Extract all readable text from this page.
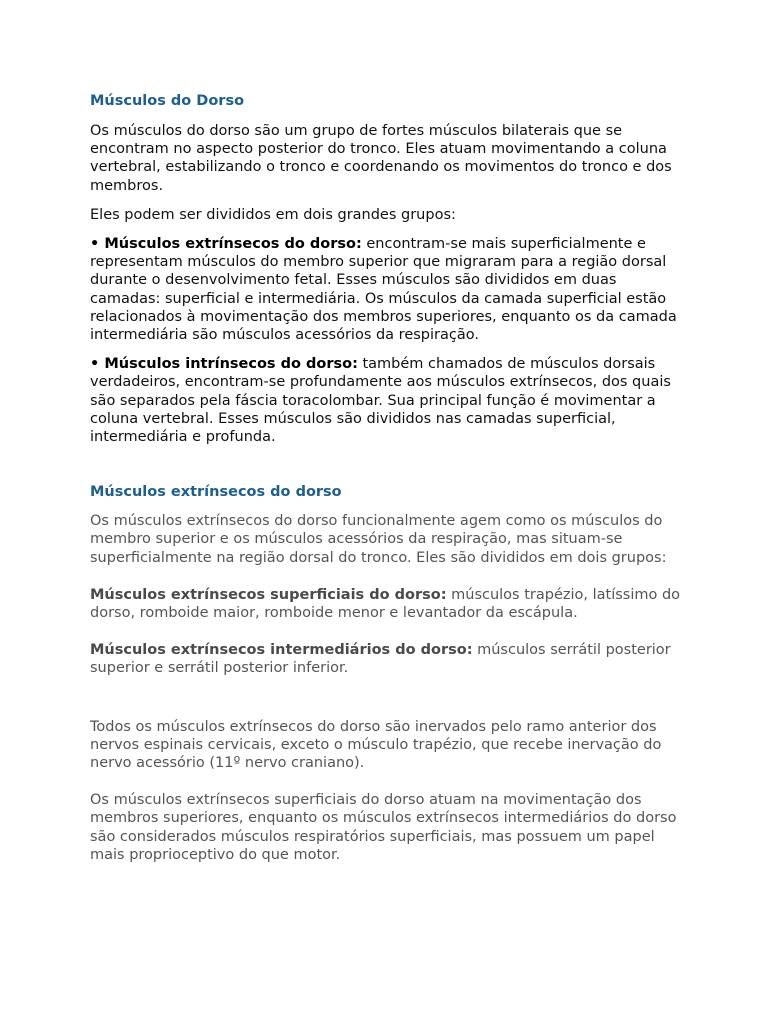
Músculos do Dorso

Os músculos do dorso são um grupo de fortes músculos bilaterais que se encontram no aspecto posterior do tronco. Eles atuam movimentando a coluna vertebral, estabilizando o tronco e coordenando os movimentos do tronco e dos membros.

Eles podem ser divididos em dois grandes grupos:

• Músculos extrínsecos do dorso: encontram-se mais superficialmente e representam músculos do membro superior que migraram para a região dorsal durante o desenvolvimento fetal. Esses músculos são divididos em duas camadas: superficial e intermediária. Os músculos da camada superficial estão relacionados à movimentação dos membros superiores, enquanto os da camada intermediária são músculos acessórios da respiração.

• Músculos intrínsecos do dorso: também chamados de músculos dorsais verdadeiros, encontram-se profundamente aos músculos extrínsecos, dos quais são separados pela fáscia toracolombar. Sua principal função é movimentar a coluna vertebral. Esses músculos são divididos nas camadas superficial, intermediária e profunda.

Músculos extrínsecos do dorso

Os músculos extrínsecos do dorso funcionalmente agem como os músculos do membro superior e os músculos acessórios da respiração, mas situam-se superficialmente na região dorsal do tronco. Eles são divididos em dois grupos:

Músculos extrínsecos superficiais do dorso: músculos trapézio, latíssimo do dorso, romboide maior, romboide menor e levantador da escápula.

Músculos extrínsecos intermediários do dorso: músculos serrátil posterior superior e serrátil posterior inferior.

Todos os músculos extrínsecos do dorso são inervados pelo ramo anterior dos nervos espinais cervicais, exceto o músculo trapézio, que recebe inervação do nervo acessório (11º nervo craniano).

Os músculos extrínsecos superficiais do dorso atuam na movimentação dos membros superiores, enquanto os músculos extrínsecos intermediários do dorso são considerados músculos respiratórios superficiais, mas possuem um papel mais proprioceptivo do que motor.
